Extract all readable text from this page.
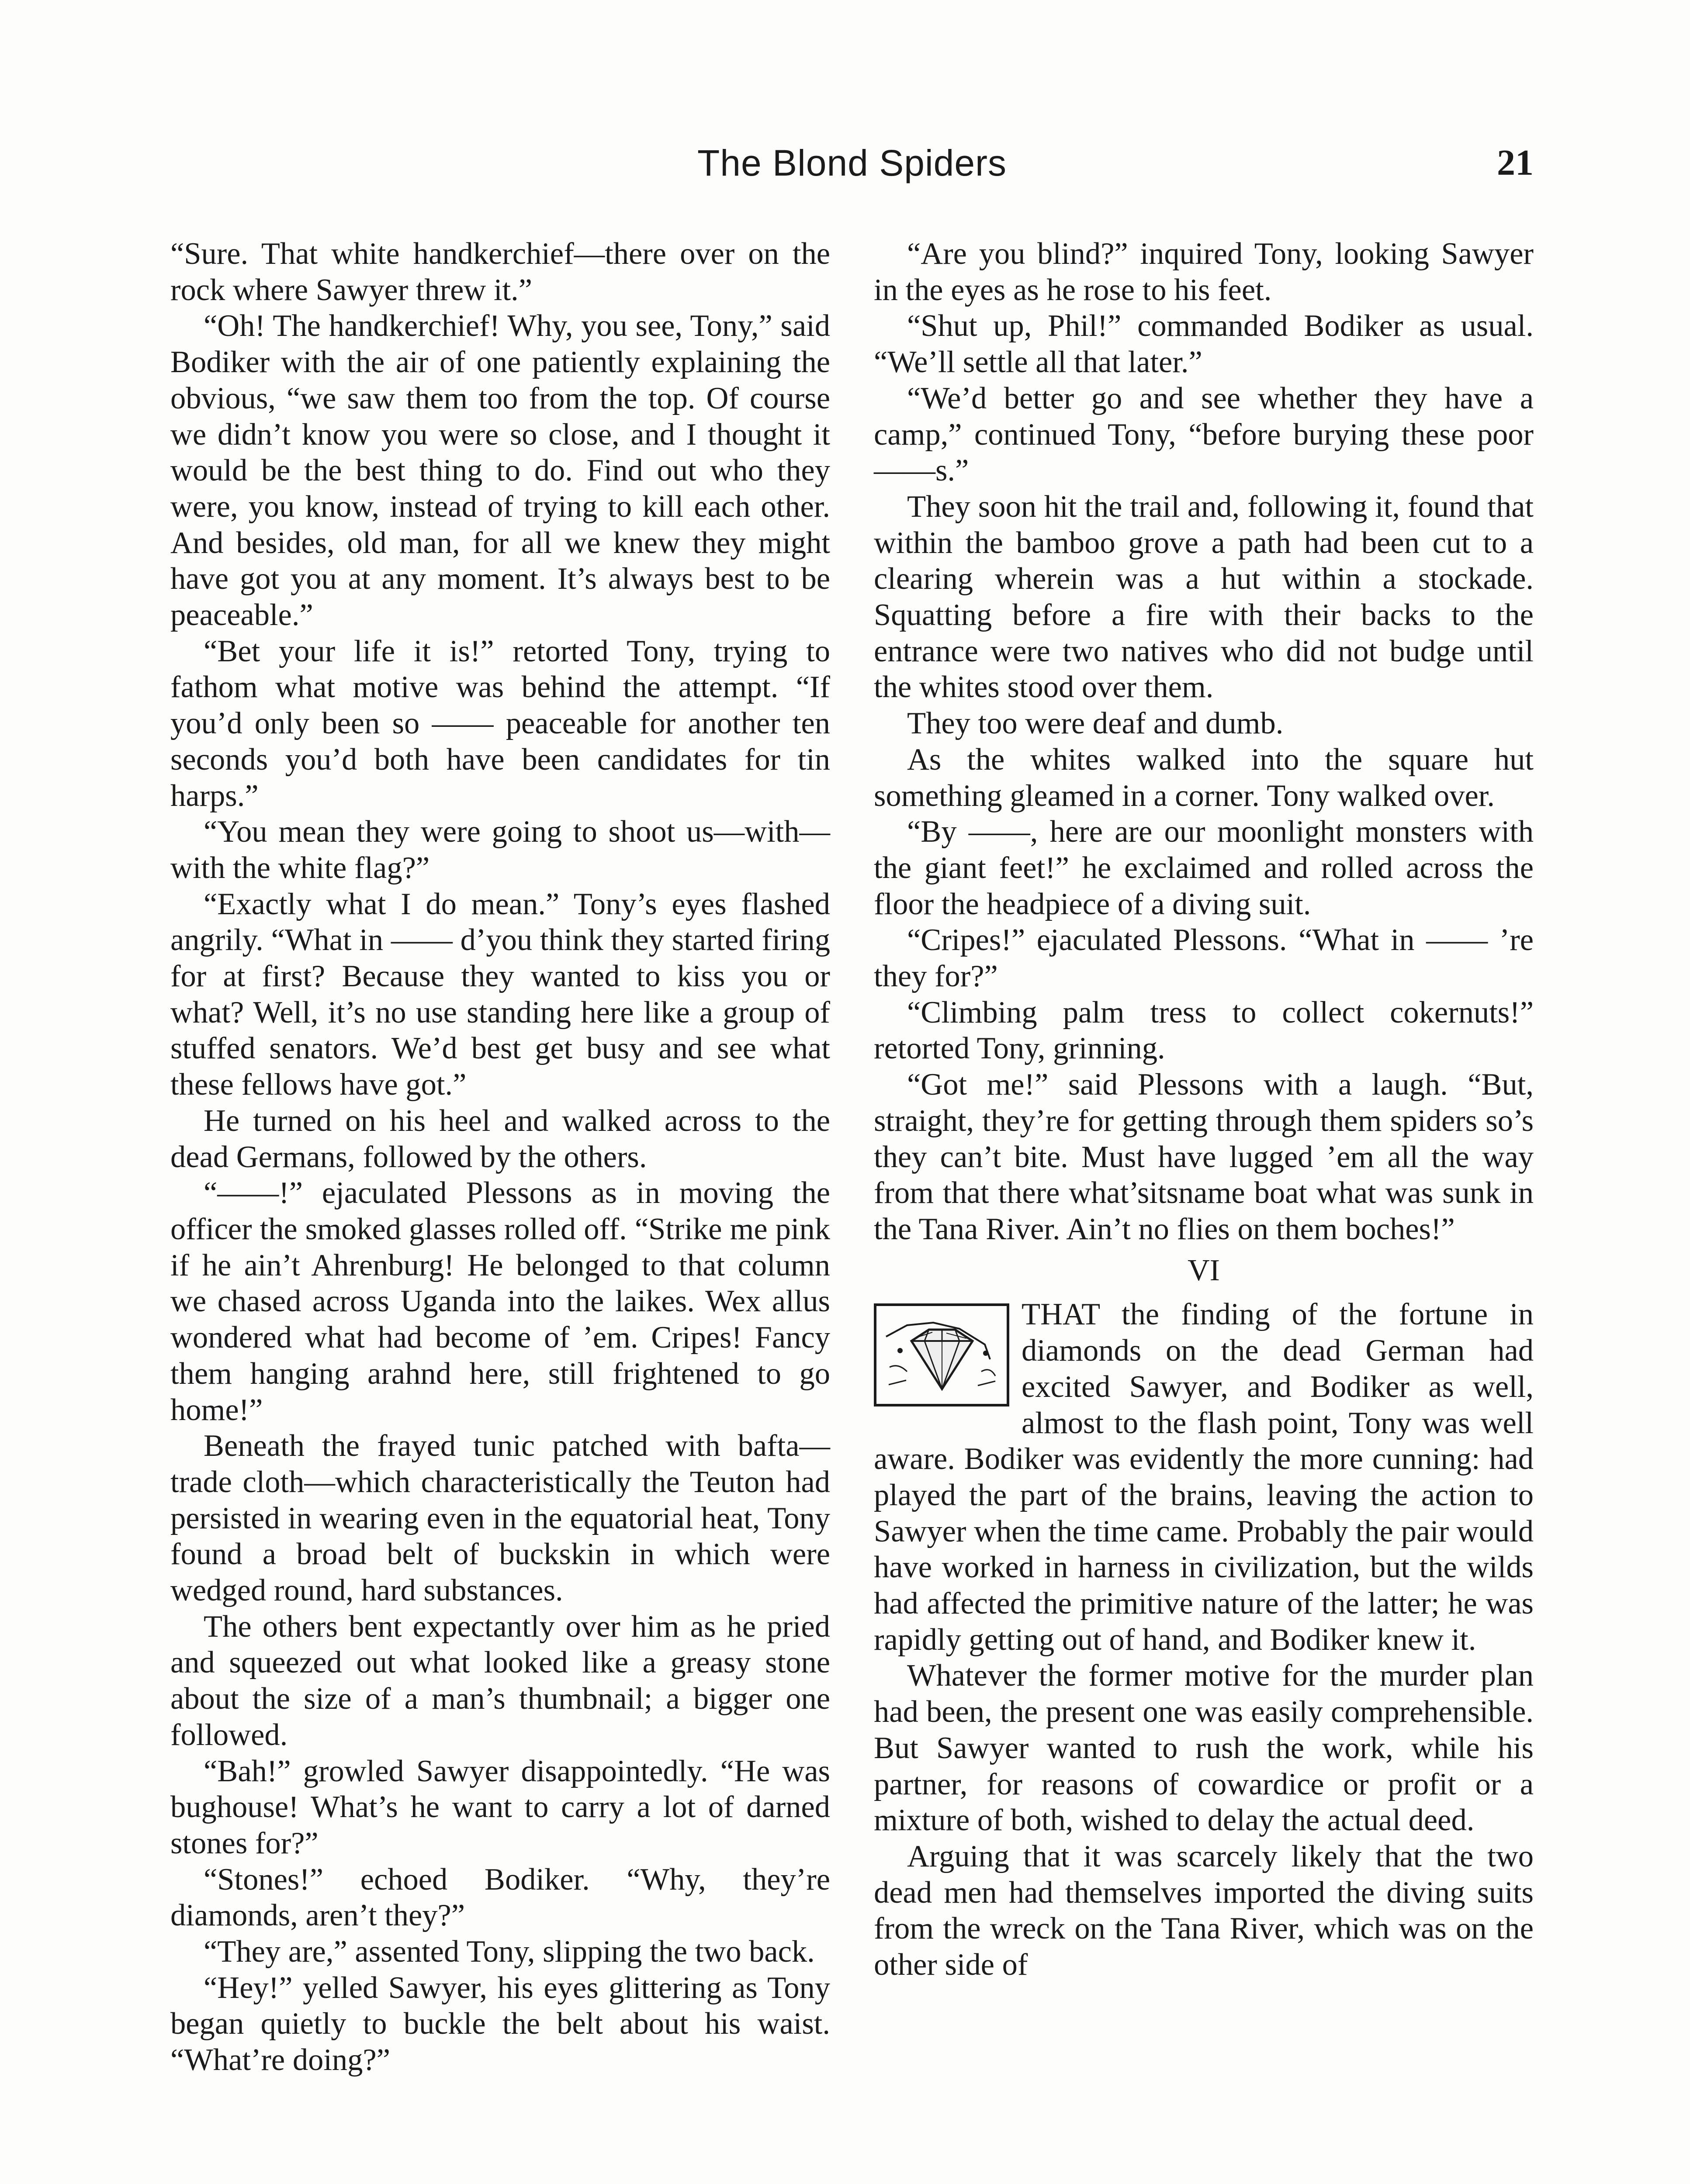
The Blond Spiders	21

“Sure. That white handkerchief—there over on the rock where Sawyer threw it.”

“Oh! The handkerchief! Why, you see, Tony,” said Bodiker with the air of one patiently explaining the obvious, “we saw them too from the top. Of course we didn’t know you were so close, and I thought it would be the best thing to do. Find out who they were, you know, instead of trying to kill each other. And besides, old man, for all we knew they might have got you at any moment. It’s always best to be peaceable.”

“Bet your life it is!” retorted Tony, trying to fathom what motive was behind the attempt. “If you’d only been so —— peaceable for another ten seconds you’d both have been candidates for tin harps.”

“You mean they were going to shoot us—with—with the white flag?”

“Exactly what I do mean.” Tony’s eyes flashed angrily. “What in —— d’you think they started firing for at first? Because they wanted to kiss you or what? Well, it’s no use standing here like a group of stuffed senators. We’d best get busy and see what these fellows have got.”

He turned on his heel and walked across to the dead Germans, followed by the others.

“——!” ejaculated Plessons as in moving the officer the smoked glasses rolled off. “Strike me pink if he ain’t Ahrenburg! He belonged to that column we chased across Uganda into the laikes. Wex allus wondered what had become of ’em. Cripes! Fancy them hanging arahnd here, still frightened to go home!”

Beneath the frayed tunic patched with bafta—trade cloth—which characteristically the Teuton had persisted in wearing even in the equatorial heat, Tony found a broad belt of buckskin in which were wedged round, hard substances.

The others bent expectantly over him as he pried and squeezed out what looked like a greasy stone about the size of a man’s thumbnail; a bigger one followed.

“Bah!” growled Sawyer disappointedly. “He was bughouse! What’s he want to carry a lot of darned stones for?”

“Stones!” echoed Bodiker. “Why, they’re diamonds, aren’t they?”

“They are,” assented Tony, slipping the two back.

“Hey!” yelled Sawyer, his eyes glittering as Tony began quietly to buckle the belt about his waist. “What’re doing?”

“Are you blind?” inquired Tony, looking Sawyer in the eyes as he rose to his feet.

“Shut up, Phil!” commanded Bodiker as usual. “We’ll settle all that later.”

“We’d better go and see whether they have a camp,” continued Tony, “before burying these poor ——s.”

They soon hit the trail and, following it, found that within the bamboo grove a path had been cut to a clearing wherein was a hut within a stockade. Squatting before a fire with their backs to the entrance were two natives who did not budge until the whites stood over them.

They too were deaf and dumb.

As the whites walked into the square hut something gleamed in a corner. Tony walked over.

“By ——, here are our moonlight monsters with the giant feet!” he exclaimed and rolled across the floor the headpiece of a diving suit.

“Cripes!” ejaculated Plessons. “What in —— ’re they for?”

“Climbing palm tress to collect cokernuts!” retorted Tony, grinning.

“Got me!” said Plessons with a laugh. “But, straight, they’re for getting through them spiders so’s they can’t bite. Must have lugged ’em all the way from that there what’sitsname boat what was sunk in the Tana River. Ain’t no flies on them boches!”

VI

THAT the finding of the fortune in diamonds on the dead German had excited Sawyer, and Bodiker as well, almost to the flash point, Tony was well aware. Bodiker was evidently the more cunning: had played the part of the brains, leaving the action to Sawyer when the time came. Probably the pair would have worked in harness in civilization, but the wilds had affected the primitive nature of the latter; he was rapidly getting out of hand, and Bodiker knew it.

Whatever the former motive for the murder plan had been, the present one was easily comprehensible. But Sawyer wanted to rush the work, while his partner, for reasons of cowardice or profit or a mixture of both, wished to delay the actual deed.

Arguing that it was scarcely likely that the two dead men had themselves imported the diving suits from the wreck on the Tana River, which was on the other side of
